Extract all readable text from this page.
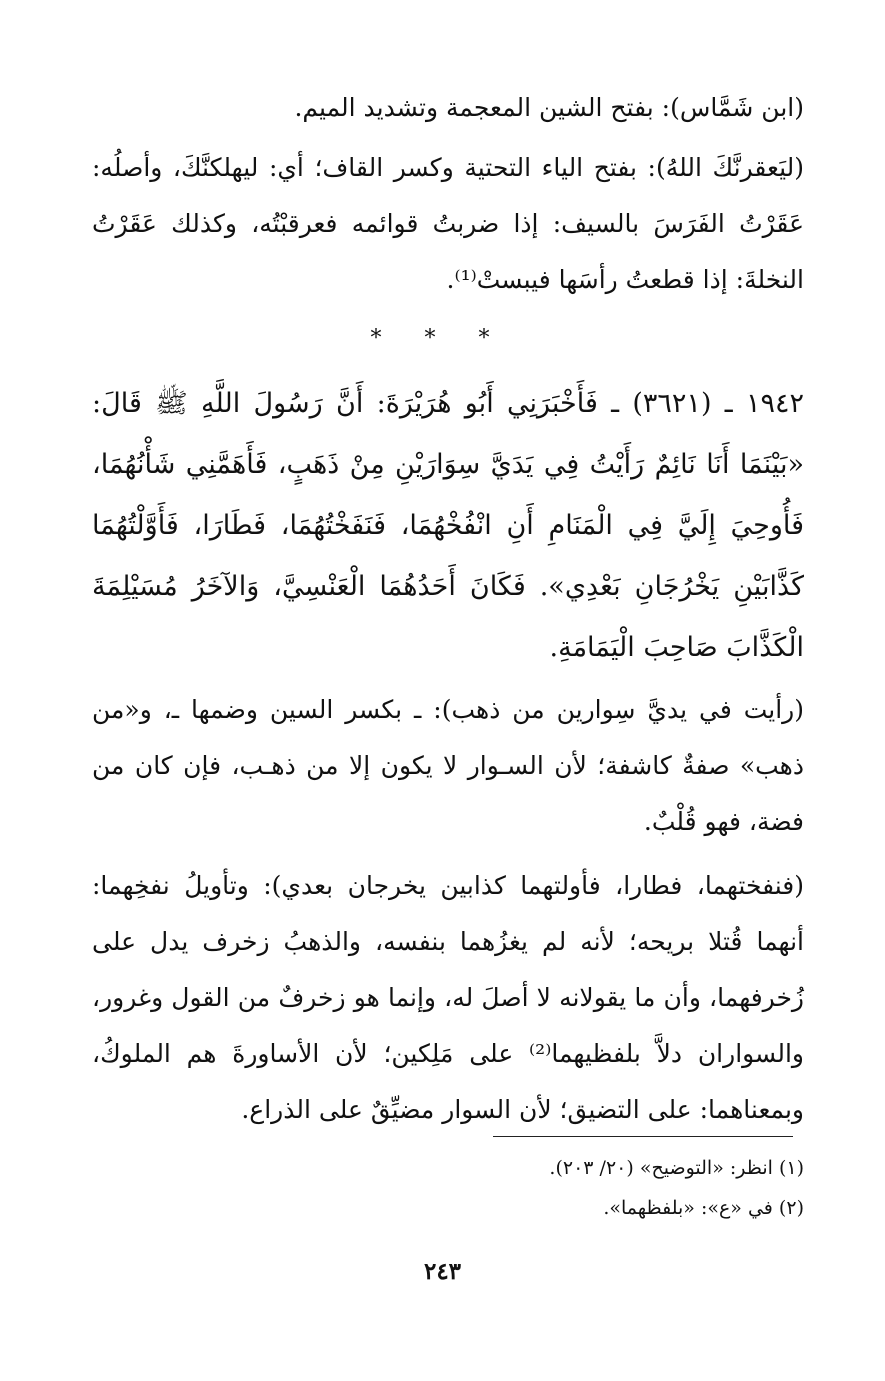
(ابن شَمَّاس): بفتح الشين المعجمة وتشديد الميم.

(ليَعقرنَّكَ اللهُ): بفتح الياء التحتية وكسر القاف؛ أي: ليهلكنَّكَ، وأصلُه: عَقَرْتُ الفَرَسَ بالسيف: إذا ضربتُ قوائمه فعرقبْتُه، وكذلك عَقَرْتُ النخلةَ: إذا قطعتُ رأسَها فيبستْ⁽¹⁾.

* * *

١٩٤٢ ـ (٣٦٢١) ـ فَأَخْبَرَنِي أَبُو هُرَيْرَةَ: أَنَّ رَسُولَ اللَّهِ ﷺ قَالَ: «بَيْنَمَا أَنَا نَائِمٌ رَأَيْتُ فِي يَدَيَّ سِوَارَيْنِ مِنْ ذَهَبٍ، فَأَهَمَّنِي شَأْنُهُمَا، فَأُوحِيَ إِلَيَّ فِي الْمَنَامِ أَنِ انْفُخْهُمَا، فَنَفَخْتُهُمَا، فَطَارَا، فَأَوَّلْتُهُمَا كَذَّابَيْنِ يَخْرُجَانِ بَعْدِي». فَكَانَ أَحَدُهُمَا الْعَنْسِيَّ، وَالآخَرُ مُسَيْلِمَةَ الْكَذَّابَ صَاحِبَ الْيَمَامَةِ.

(رأيت في يديَّ سِوارين من ذهب): ـ بكسر السين وضمها ـ، و«من ذهب» صفةٌ كاشفة؛ لأن السـوار لا يكون إلا من ذهـب، فإن كان من فضة، فهو قُلْبٌ.

(فنفختهما، فطارا، فأولتهما كذابين يخرجان بعدي): وتأويلُ نفخِهما: أنهما قُتلا بريحه؛ لأنه لم يغزُهما بنفسه، والذهبُ زخرف يدل على زُخرفهما، وأن ما يقولانه لا أصلَ له، وإنما هو زخرفٌ من القول وغرور، والسواران دلاَّ بلفظيهما⁽²⁾ على مَلِكين؛ لأن الأساورةَ هم الملوكُ، وبمعناهما: على التضيق؛ لأن السوار مضيِّقٌ على الذراع.

(١) انظر: «التوضيح» (٢٠/ ٢٠٣).

(٢) في «ع»: «بلفظهما».

٢٤٣
